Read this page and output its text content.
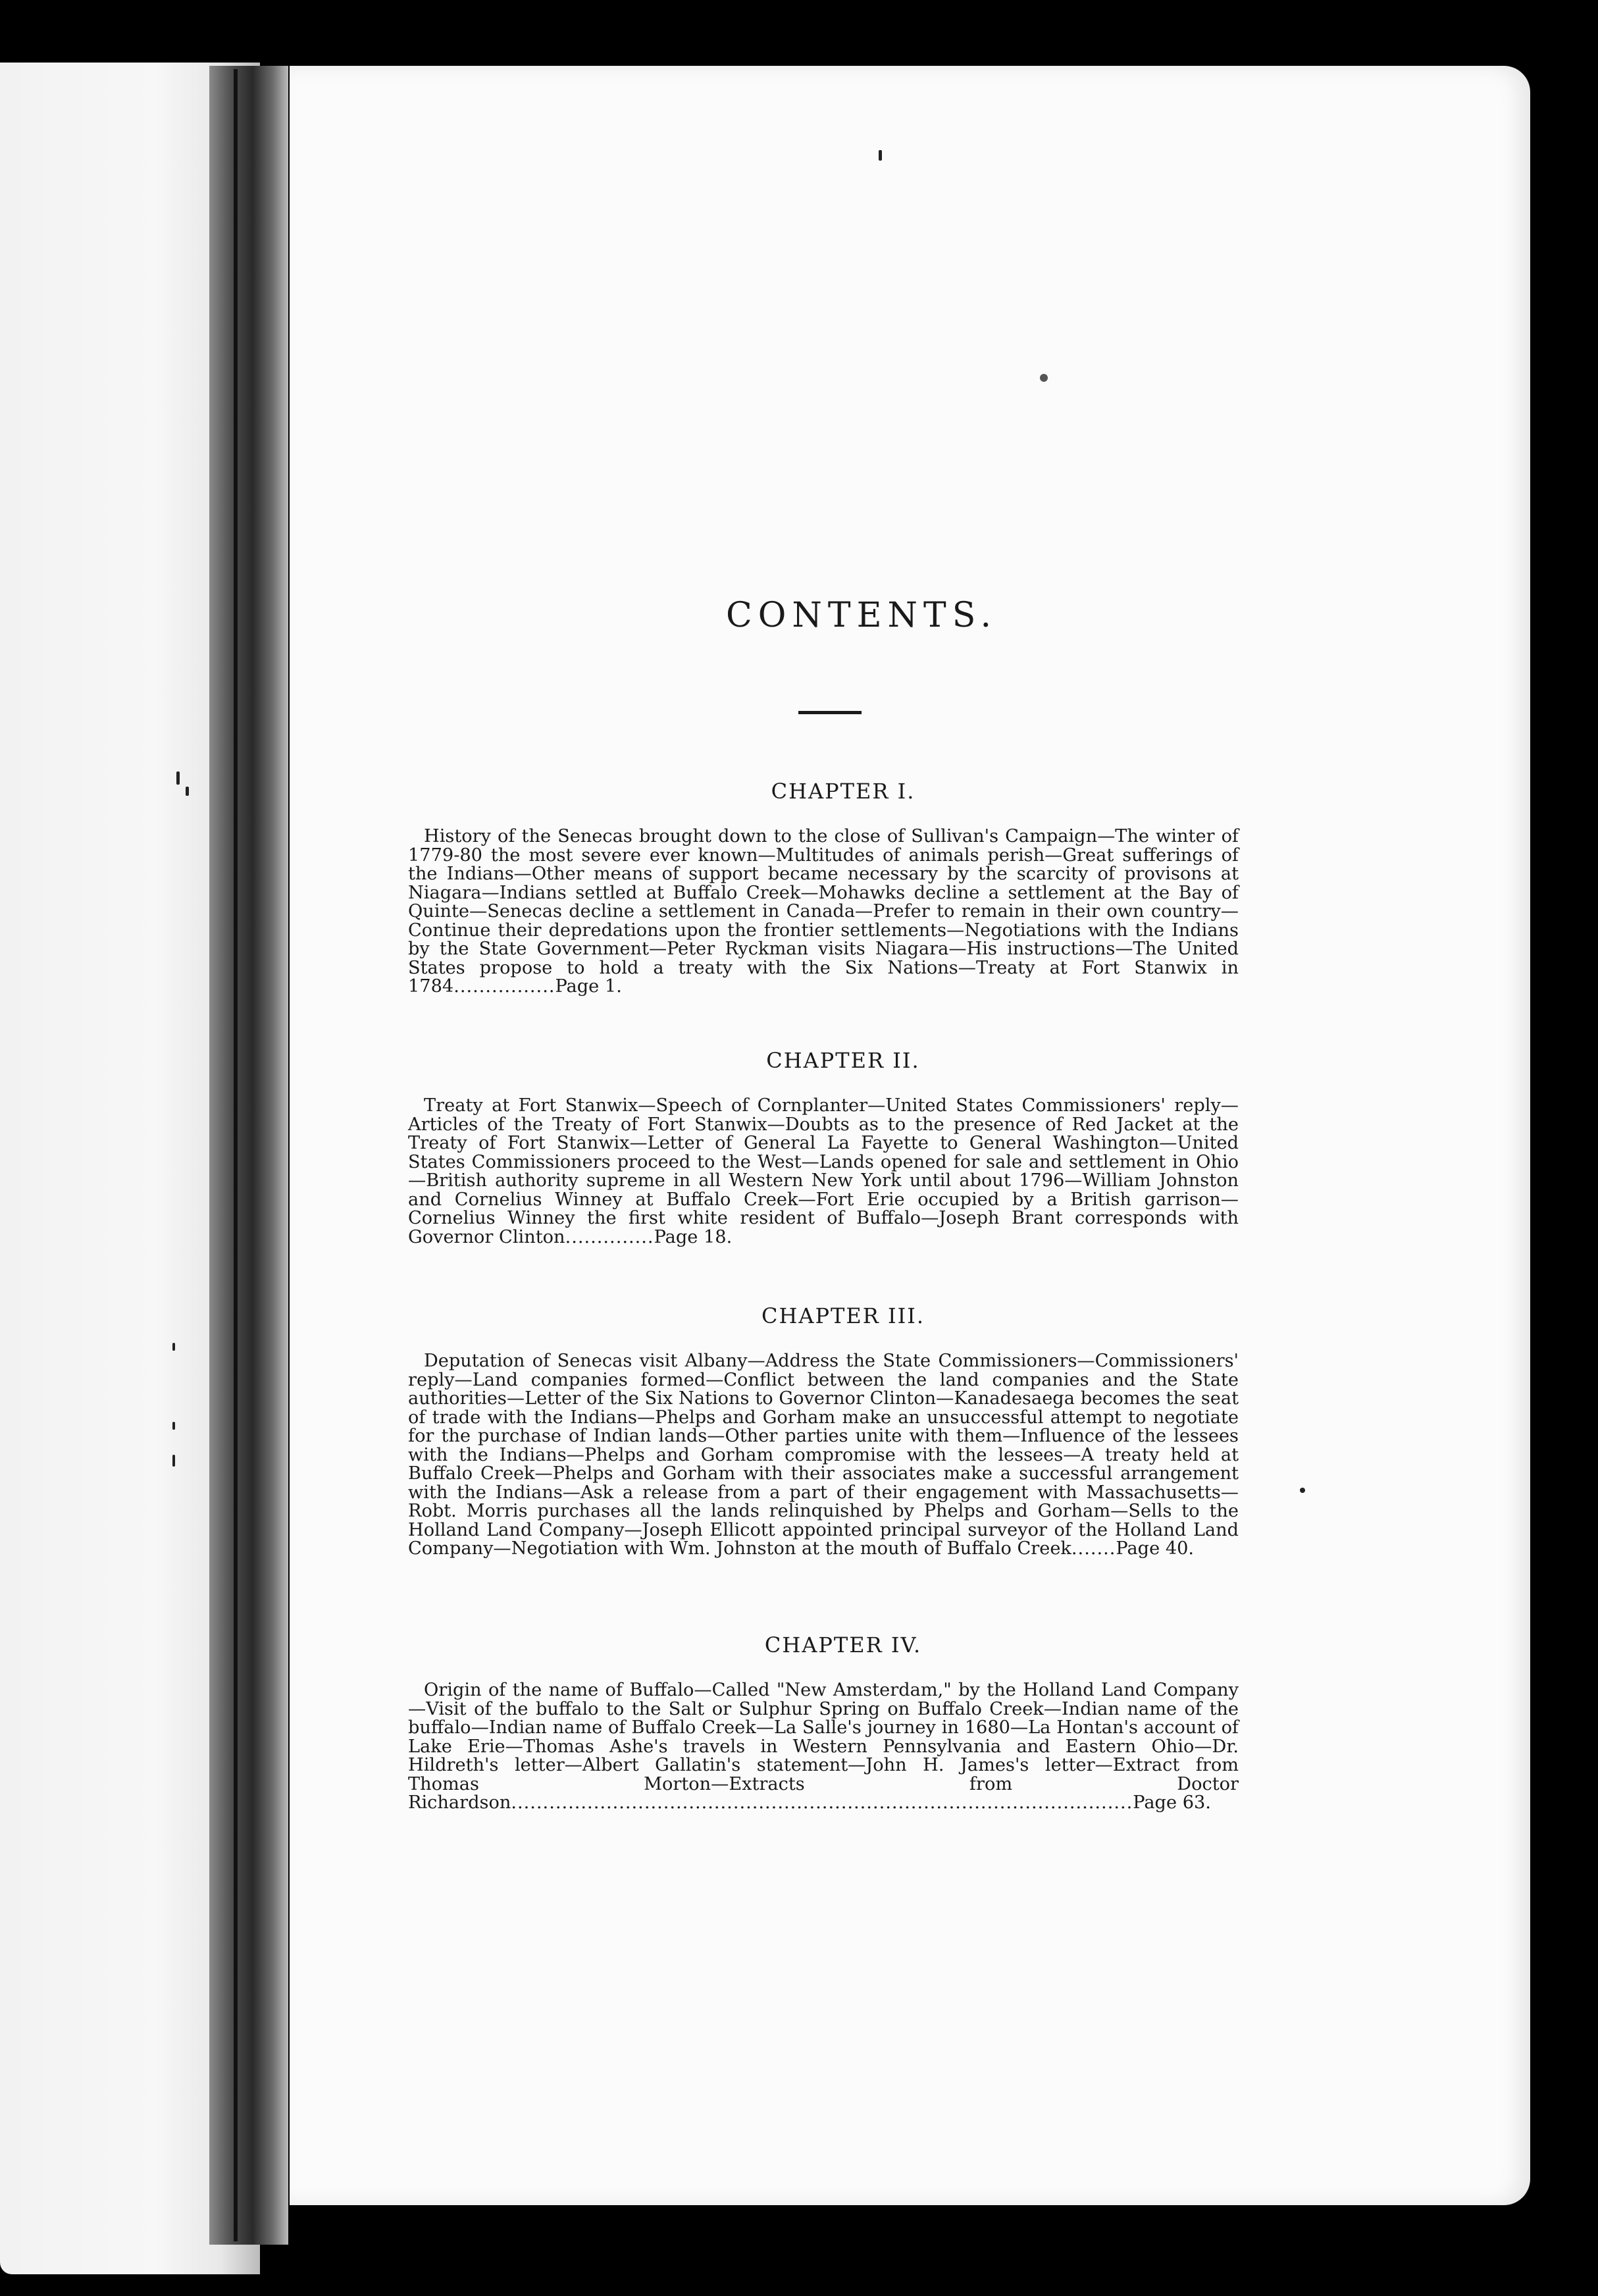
CONTENTS.
CHAPTER I.

History of the Senecas brought down to the close of Sullivan's Campaign—The winter of 1779-80 the most severe ever known—Multitudes of animals perish—Great sufferings of the Indians—Other means of support became necessary by the scarcity of provisons at Niagara—Indians settled at Buffalo Creek—Mohawks decline a settlement at the Bay of Quinte—Senecas decline a settlement in Canada—Prefer to remain in their own country—Continue their depredations upon the frontier settlements—Negotiations with the Indians by the State Government—Peter Ryckman visits Niagara—His instructions—The United States propose to hold a treaty with the Six Nations—Treaty at Fort Stanwix in 1784................Page 1.

CHAPTER II.

Treaty at Fort Stanwix—Speech of Cornplanter—United States Commissioners' reply—Articles of the Treaty of Fort Stanwix—Doubts as to the presence of Red Jacket at the Treaty of Fort Stanwix—Letter of General La Fayette to General Washington—United States Commissioners proceed to the West—Lands opened for sale and settlement in Ohio—British authority supreme in all Western New York until about 1796—William Johnston and Cornelius Winney at Buffalo Creek—Fort Erie occupied by a British garrison—Cornelius Winney the first white resident of Buffalo—Joseph Brant corresponds with Governor Clinton..............Page 18.

CHAPTER III.

Deputation of Senecas visit Albany—Address the State Commissioners—Commissioners' reply—Land companies formed—Conflict between the land companies and the State authorities—Letter of the Six Nations to Governor Clinton—Kanadesaega becomes the seat of trade with the Indians—Phelps and Gorham make an unsuccessful attempt to negotiate for the purchase of Indian lands—Other parties unite with them—Influence of the lessees with the Indians—Phelps and Gorham compromise with the lessees—A treaty held at Buffalo Creek—Phelps and Gorham with their associates make a successful arrangement with the Indians—Ask a release from a part of their engagement with Massachusetts—Robt. Morris purchases all the lands relinquished by Phelps and Gorham—Sells to the Holland Land Company—Joseph Ellicott appointed principal surveyor of the Holland Land Company—Negotiation with Wm. Johnston at the mouth of Buffalo Creek.......Page 40.

CHAPTER IV.

Origin of the name of Buffalo—Called "New Amsterdam," by the Holland Land Company—Visit of the buffalo to the Salt or Sulphur Spring on Buffalo Creek—Indian name of the buffalo—Indian name of Buffalo Creek—La Salle's journey in 1680—La Hontan's account of Lake Erie—Thomas Ashe's travels in Western Pennsylvania and Eastern Ohio—Dr. Hildreth's letter—Albert Gallatin's statement—John H. James's letter—Extract from Thomas Morton—Extracts from Doctor Richardson..................................................................................................Page 63.
